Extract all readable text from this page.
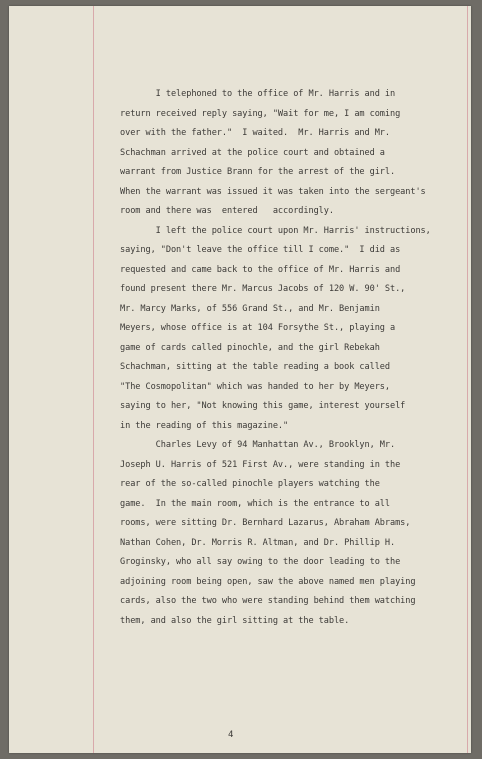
I telephoned to the office of Mr. Harris and in
return received reply saying, "Wait for me, I am coming
over with the father."  I waited.  Mr. Harris and Mr.
Schachman arrived at the police court and obtained a
warrant from Justice Brann for the arrest of the girl.
When the warrant was issued it was taken into the sergeant's
room and there was  entered   accordingly.
I left the police court upon Mr. Harris' instructions,
saying, "Don't leave the office till I come."  I did as
requested and came back to the office of Mr. Harris and
found present there Mr. Marcus Jacobs of 120 W. 90' St.,
Mr. Marcy Marks, of 556 Grand St., and Mr. Benjamin
Meyers, whose office is at 104 Forsythe St., playing a
game of cards called pinochle, and the girl Rebekah
Schachman, sitting at the table reading a book called
"The Cosmopolitan" which was handed to her by Meyers,
saying to her, "Not knowing this game, interest yourself
in the reading of this magazine."
Charles Levy of 94 Manhattan Av., Brooklyn, Mr.
Joseph U. Harris of 521 First Av., were standing in the
rear of the so-called pinochle players watching the
game.  In the main room, which is the entrance to all
rooms, were sitting Dr. Bernhard Lazarus, Abraham Abrams,
Nathan Cohen, Dr. Morris R. Altman, and Dr. Phillip H.
Groginsky, who all say owing to the door leading to the
adjoining room being open, saw the above named men playing
cards, also the two who were standing behind them watching
them, and also the girl sitting at the table.
4
